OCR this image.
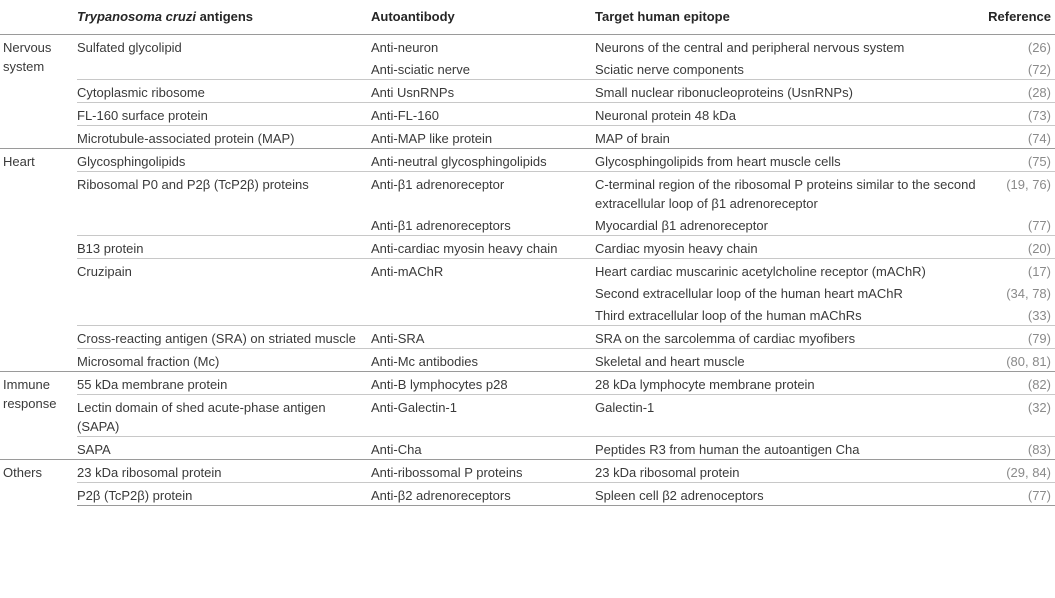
	Trypanosoma cruzi antigens	Autoantibody	Target human epitope	Reference
Nervous system	Sulfated glycolipid	Anti-neuron	Neurons of the central and peripheral nervous system	(26)
		Anti-sciatic nerve	Sciatic nerve components	(72)
	Cytoplasmic ribosome	Anti UsnRNPs	Small nuclear ribonucleoproteins (UsnRNPs)	(28)
	FL-160 surface protein	Anti-FL-160	Neuronal protein 48 kDa	(73)
	Microtubule-associated protein (MAP)	Anti-MAP like protein	MAP of brain	(74)
Heart	Glycosphingolipids	Anti-neutral glycosphingolipids	Glycosphingolipids from heart muscle cells	(75)
	Ribosomal P0 and P2β (TcP2β) proteins	Anti-β1 adrenoreceptor	C-terminal region of the ribosomal P proteins similar to the second extracellular loop of β1 adrenoreceptor	(19, 76)
		Anti-β1 adrenoreceptors	Myocardial β1 adrenoreceptor	(77)
	B13 protein	Anti-cardiac myosin heavy chain	Cardiac myosin heavy chain	(20)
	Cruzipain	Anti-mAChR	Heart cardiac muscarinic acetylcholine receptor (mAChR)	(17)
			Second extracellular loop of the human heart mAChR	(34, 78)
			Third extracellular loop of the human mAChRs	(33)
	Cross-reacting antigen (SRA) on striated muscle	Anti-SRA	SRA on the sarcolemma of cardiac myofibers	(79)
	Microsomal fraction (Mc)	Anti-Mc antibodies	Skeletal and heart muscle	(80, 81)
Immune response	55 kDa membrane protein	Anti-B lymphocytes p28	28 kDa lymphocyte membrane protein	(82)
	Lectin domain of shed acute-phase antigen (SAPA)	Anti-Galectin-1	Galectin-1	(32)
	SAPA	Anti-Cha	Peptides R3 from human the autoantigen Cha	(83)
Others	23 kDa ribosomal protein	Anti-ribossomal P proteins	23 kDa ribosomal protein	(29, 84)
	P2β (TcP2β) protein	Anti-β2 adrenoreceptors	Spleen cell β2 adrenoceptors	(77)
